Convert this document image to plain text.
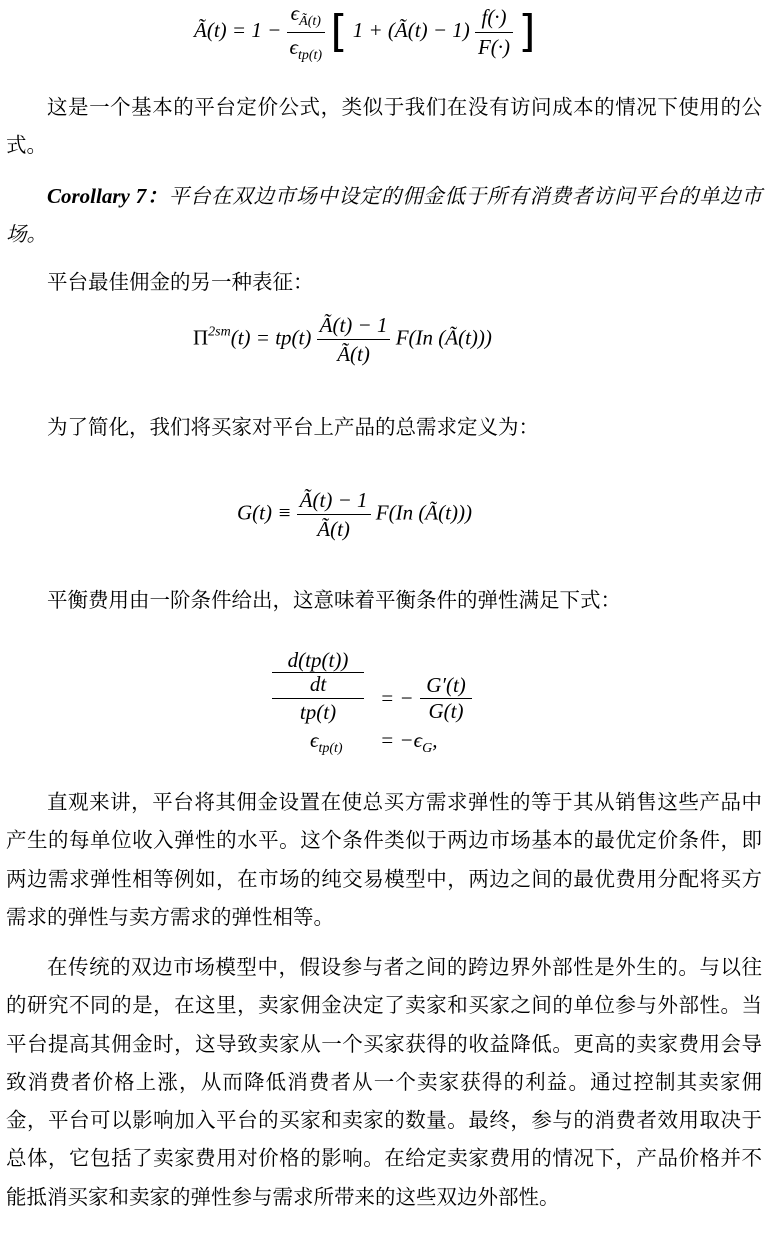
Ã(t) = $1 - \frac{\epsilon_{Ã(t)}}{\epsilon_{tp(t)}}$ [ 1 + (Ã(t) − $1) \frac{f(\cdot)}{F(\cdot)}$ ]

这是一个基本的平台定价公式，类似于我们在没有访问成本的情况下使用的公式。

Corollary 7：平台在双边市场中设定的佣金低于所有消费者访问平台的单边市场。

平台最佳佣金的另一种表征：

$\Pi^{2sm}(t) = tp(t) \frac{Ã(t) - 1}{Ã(t)} F(In$ (Ã(t)))

为了简化，我们将买家对平台上产品的总需求定义为：

$G(t) \equiv \frac{Ã(t) - 1}{Ã(t)} F(In$ (Ã(t)))

平衡费用由一阶条件给出，这意味着平衡条件的弹性满足下式：

d(tp(t))
dt
tp(t)
= −
G′(t)
G(t)
$\epsilon_{tp(t)} = -\epsilon_G$,

直观来讲，平台将其佣金设置在使总买方需求弹性的等于其从销售这些产品中产生的每单位收入弹性的水平。这个条件类似于两边市场基本的最优定价条件，即两边需求弹性相等例如，在市场的纯交易模型中，两边之间的最优费用分配将买方需求的弹性与卖方需求的弹性相等。

在传统的双边市场模型中，假设参与者之间的跨边界外部性是外生的。与以往的研究不同的是，在这里，卖家佣金决定了卖家和买家之间的单位参与外部性。当平台提高其佣金时，这导致卖家从一个买家获得的收益降低。更高的卖家费用会导致消费者价格上涨，从而降低消费者从一个卖家获得的利益。通过控制其卖家佣金，平台可以影响加入平台的买家和卖家的数量。最终，参与的消费者效用取决于总体，它包括了卖家费用对价格的影响。在给定卖家费用的情况下，产品价格并不能抵消买家和卖家的弹性参与需求所带来的这些双边外部性。
